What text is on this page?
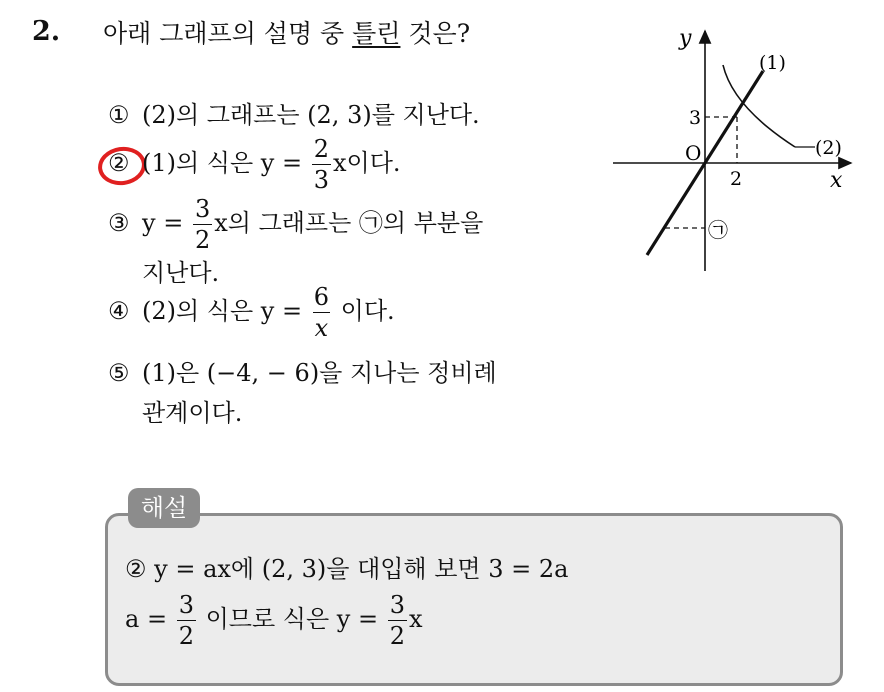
2. 아래 그래프의 설명 중 틀린 것은?
① (2)의 그래프는 (2, 3)를 지난다.
② (1)의 식은 $y = \frac{2}{3}$ x이다.
③ $y = \frac{3}{2}$ x의 그래프는 ㉠의 부분을
지난다.
④ (2)의 식은 $y = \frac{6}{x}$ 이다.
⑤ (1)은 (−4, − 6)을 지나는 정비례
관계이다.
y
x
O
(1)
(2)
2
3
㉠
해설
② y = ax에 (2, 3)을 대입해 보면 3 = 2a
$a = \frac{3}{2}$ 이므로 식은 $y = \frac{3}{2}$ x
